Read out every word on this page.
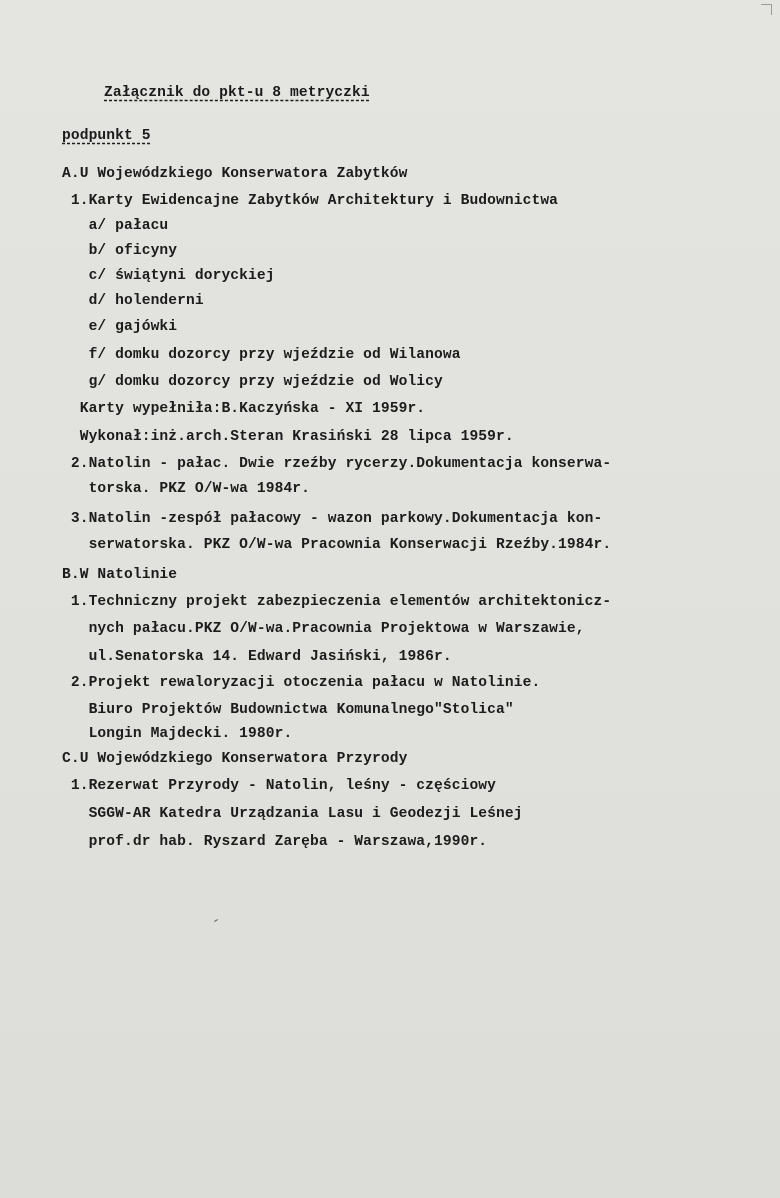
Załącznik do pkt-u 8 metryczki
podpunkt 5
A.U Wojewódzkiego Konserwatora Zabytków
1.Karty Ewidencajne Zabytków Architektury i Budownictwa
a/ pałacu
b/ oficyny
c/ świątyni doryckiej
d/ holenderni
e/ gajówki
f/ domku dozorcy przy wjeździe od Wilanowa
g/ domku dozorcy przy wjeździe od Wolicy
Karty wypełniła:B.Kaczyńska - XI 1959r.
Wykonał:inż.arch.Steran Krasiński 28 lipca 1959r.
2.Natolin - pałac. Dwie rzeźby rycerzy.Dokumentacja konserwa-
torska. PKZ O/W-wa 1984r.
3.Natolin -zespół pałacowy - wazon parkowy.Dokumentacja kon-
serwatorska. PKZ O/W-wa Pracownia Konserwacji Rzeźby.1984r.
B.W Natolinie
1.Techniczny projekt zabezpieczenia elementów architektonicz-
nych pałacu.PKZ O/W-wa.Pracownia Projektowa w Warszawie,
ul.Senatorska 14. Edward Jasiński, 1986r.
2.Projekt rewaloryzacji otoczenia pałacu w Natolinie.
Biuro Projektów Budownictwa Komunalnego"Stolica"
Longin Majdecki. 1980r.
C.U Wojewódzkiego Konserwatora Przyrody
1.Rezerwat Przyrody - Natolin, leśny - częściowy
SGGW-AR Katedra Urządzania Lasu i Geodezji Leśnej
prof.dr hab. Ryszard Zaręba - Warszawa,1990r.
